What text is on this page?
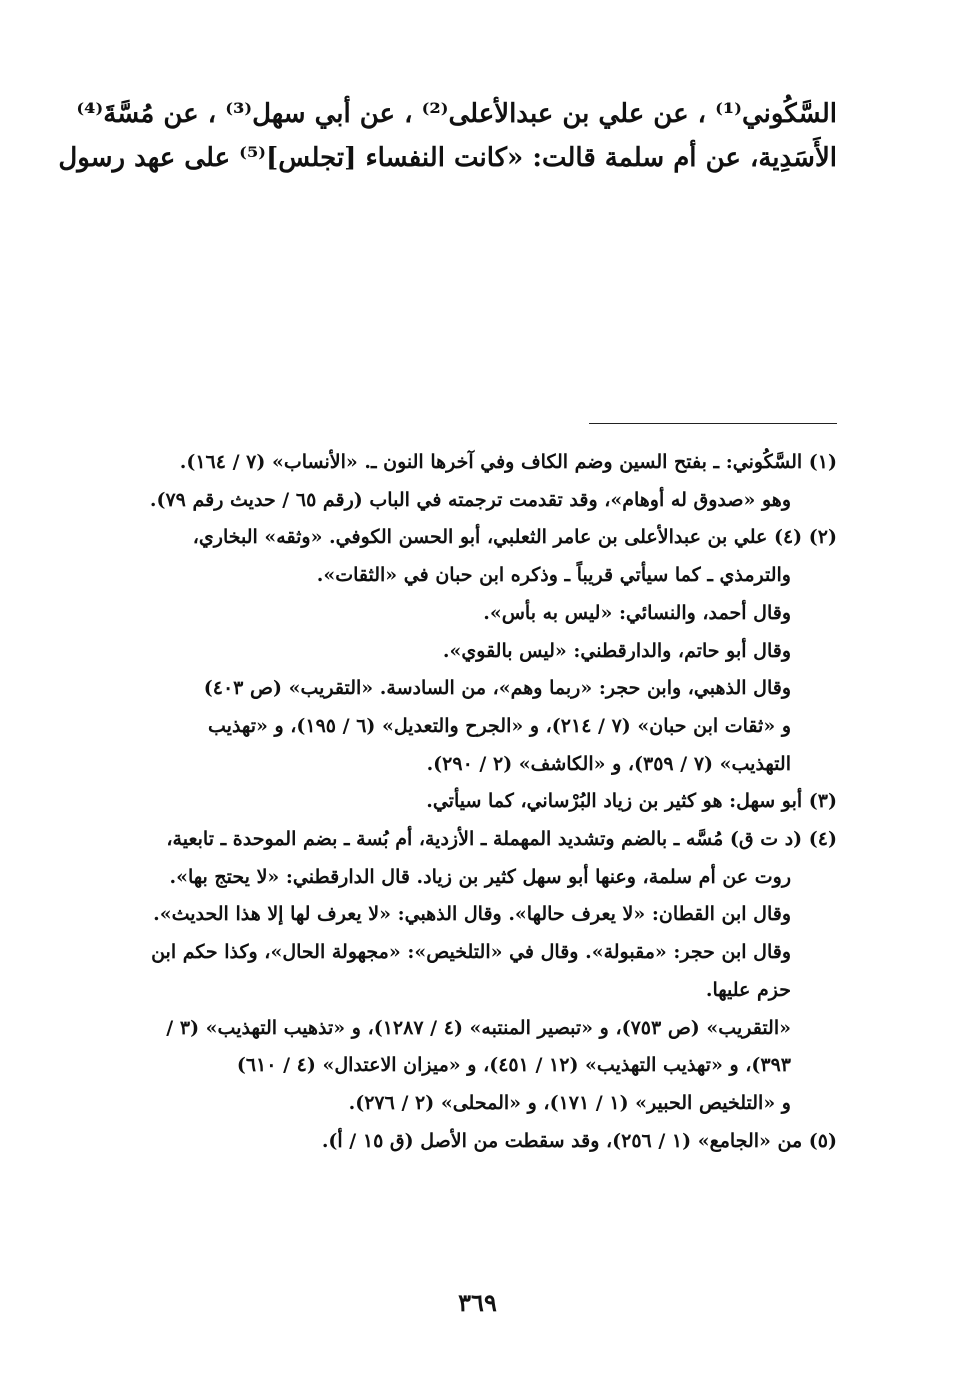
السَّكُوني⁽¹⁾ ، عن علي بن عبدالأعلى⁽²⁾ ، عن أبي سهل⁽³⁾ ، عن مُسَّةَ⁽⁴⁾
الأَسَدِية، عن أم سلمة قالت: «كانت النفساء [تجلس]⁽⁵⁾ على عهد رسول
(١) السَّكُوني: ـ بفتح السين وضم الكاف وفي آخرها النون ـ. «الأنساب» (٧ / ١٦٤).
وهو «صدوق له أوهام»، وقد تقدمت ترجمته في الباب (رقم ٦٥ / حديث رقم ٧٩).
(٢) (٤) علي بن عبدالأعلى بن عامر الثعلبي، أبو الحسن الكوفي. «وثقه» البخاري،
والترمذي ـ كما سيأتي قريباً ـ وذكره ابن حبان في «الثقات».
وقال أحمد، والنسائي: «ليس به بأس».
وقال أبو حاتم، والدارقطني: «ليس بالقوي».
وقال الذهبي، وابن حجر: «ربما وهم»، من السادسة. «التقريب» (ص ٤٠٣)
و «ثقات ابن حبان» (٧ / ٢١٤)، و «الجرح والتعديل» (٦ / ١٩٥)، و «تهذيب
التهذيب» (٧ / ٣٥٩)، و «الكاشف» (٢ / ٢٩٠).
(٣) أبو سهل: هو كثير بن زياد البُرْساني، كما سيأتي.
(٤) (د ت ق) مُسَّه ـ بالضم وتشديد المهملة ـ الأزدية، أم بُسة ـ بضم الموحدة ـ تابعية،
روت عن أم سلمة، وعنها أبو سهل كثير بن زياد. قال الدارقطني: «لا يحتج بها».
وقال ابن القطان: «لا يعرف حالها». وقال الذهبي: «لا يعرف لها إلا هذا الحديث».
وقال ابن حجر: «مقبولة». وقال في «التلخيص»: «مجهولة الحال»، وكذا حكم ابن
حزم عليها.
«التقريب» (ص ٧٥٣)، و «تبصير المنتبه» (٤ / ١٢٨٧)، و «تذهيب التهذيب» (٣ /
٣٩٣)، و «تهذيب التهذيب» (١٢ / ٤٥١)، و «ميزان الاعتدال» (٤ / ٦١٠)
و «التلخيص الحبير» (١ / ١٧١)، و «المحلى» (٢ / ٢٧٦).
(٥) من «الجامع» (١ / ٢٥٦)، وقد سقطت من الأصل (ق ١٥ / أ).
٣٦٩
